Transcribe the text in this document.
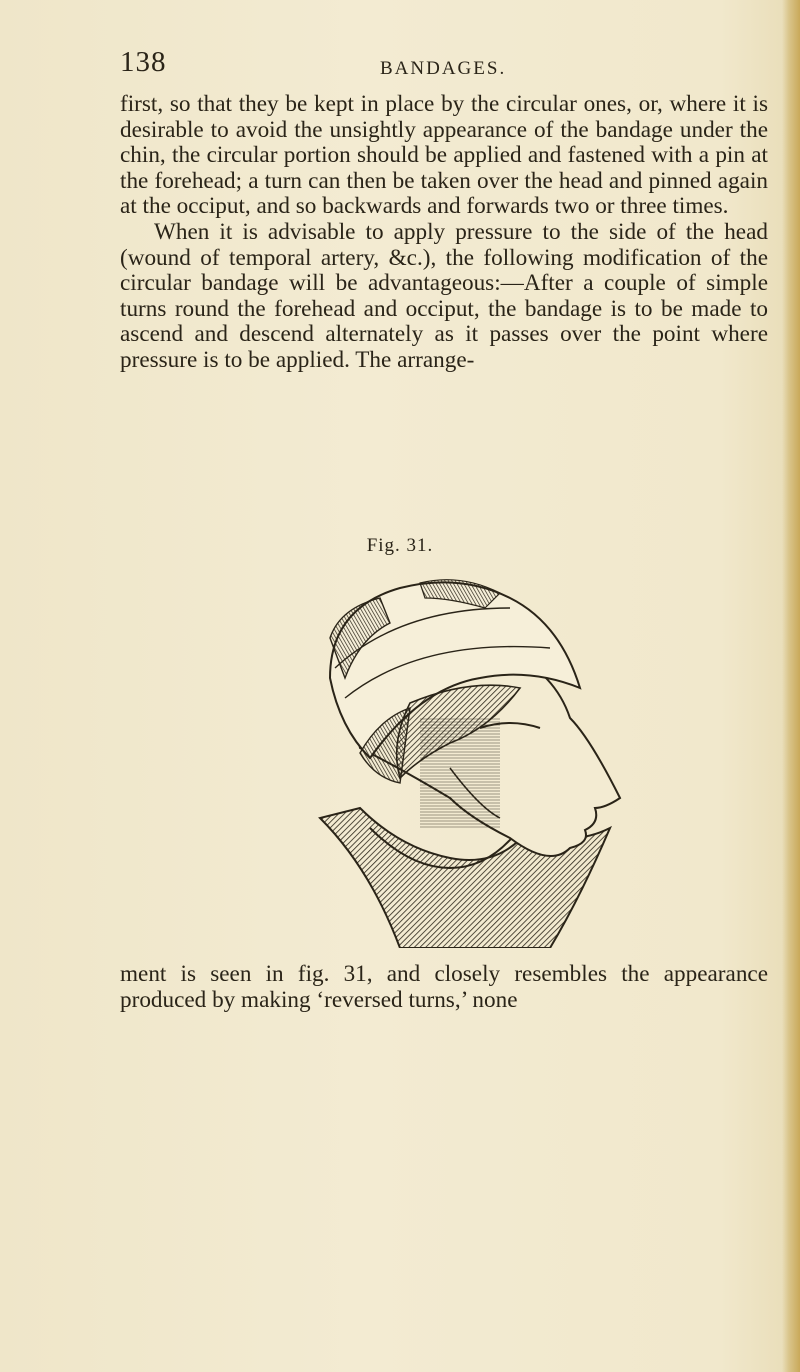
138	BANDAGES.

first, so that they be kept in place by the circular ones, or, where it is desirable to avoid the unsightly appearance of the bandage under the chin, the circular portion should be applied and fastened with a pin at the forehead; a turn can then be taken over the head and pinned again at the occiput, and so backwards and forwards two or three times.

When it is advisable to apply pressure to the side of the head (wound of temporal artery, &c.), the following modification of the circular bandage will be advantageous:—After a couple of simple turns round the forehead and occiput, the bandage is to be made to ascend and descend alternately as it passes over the point where pressure is to be applied. The arrange-

Fig. 31.

ment is seen in fig. 31, and closely resembles the appearance produced by making ‘reversed turns,’ none
